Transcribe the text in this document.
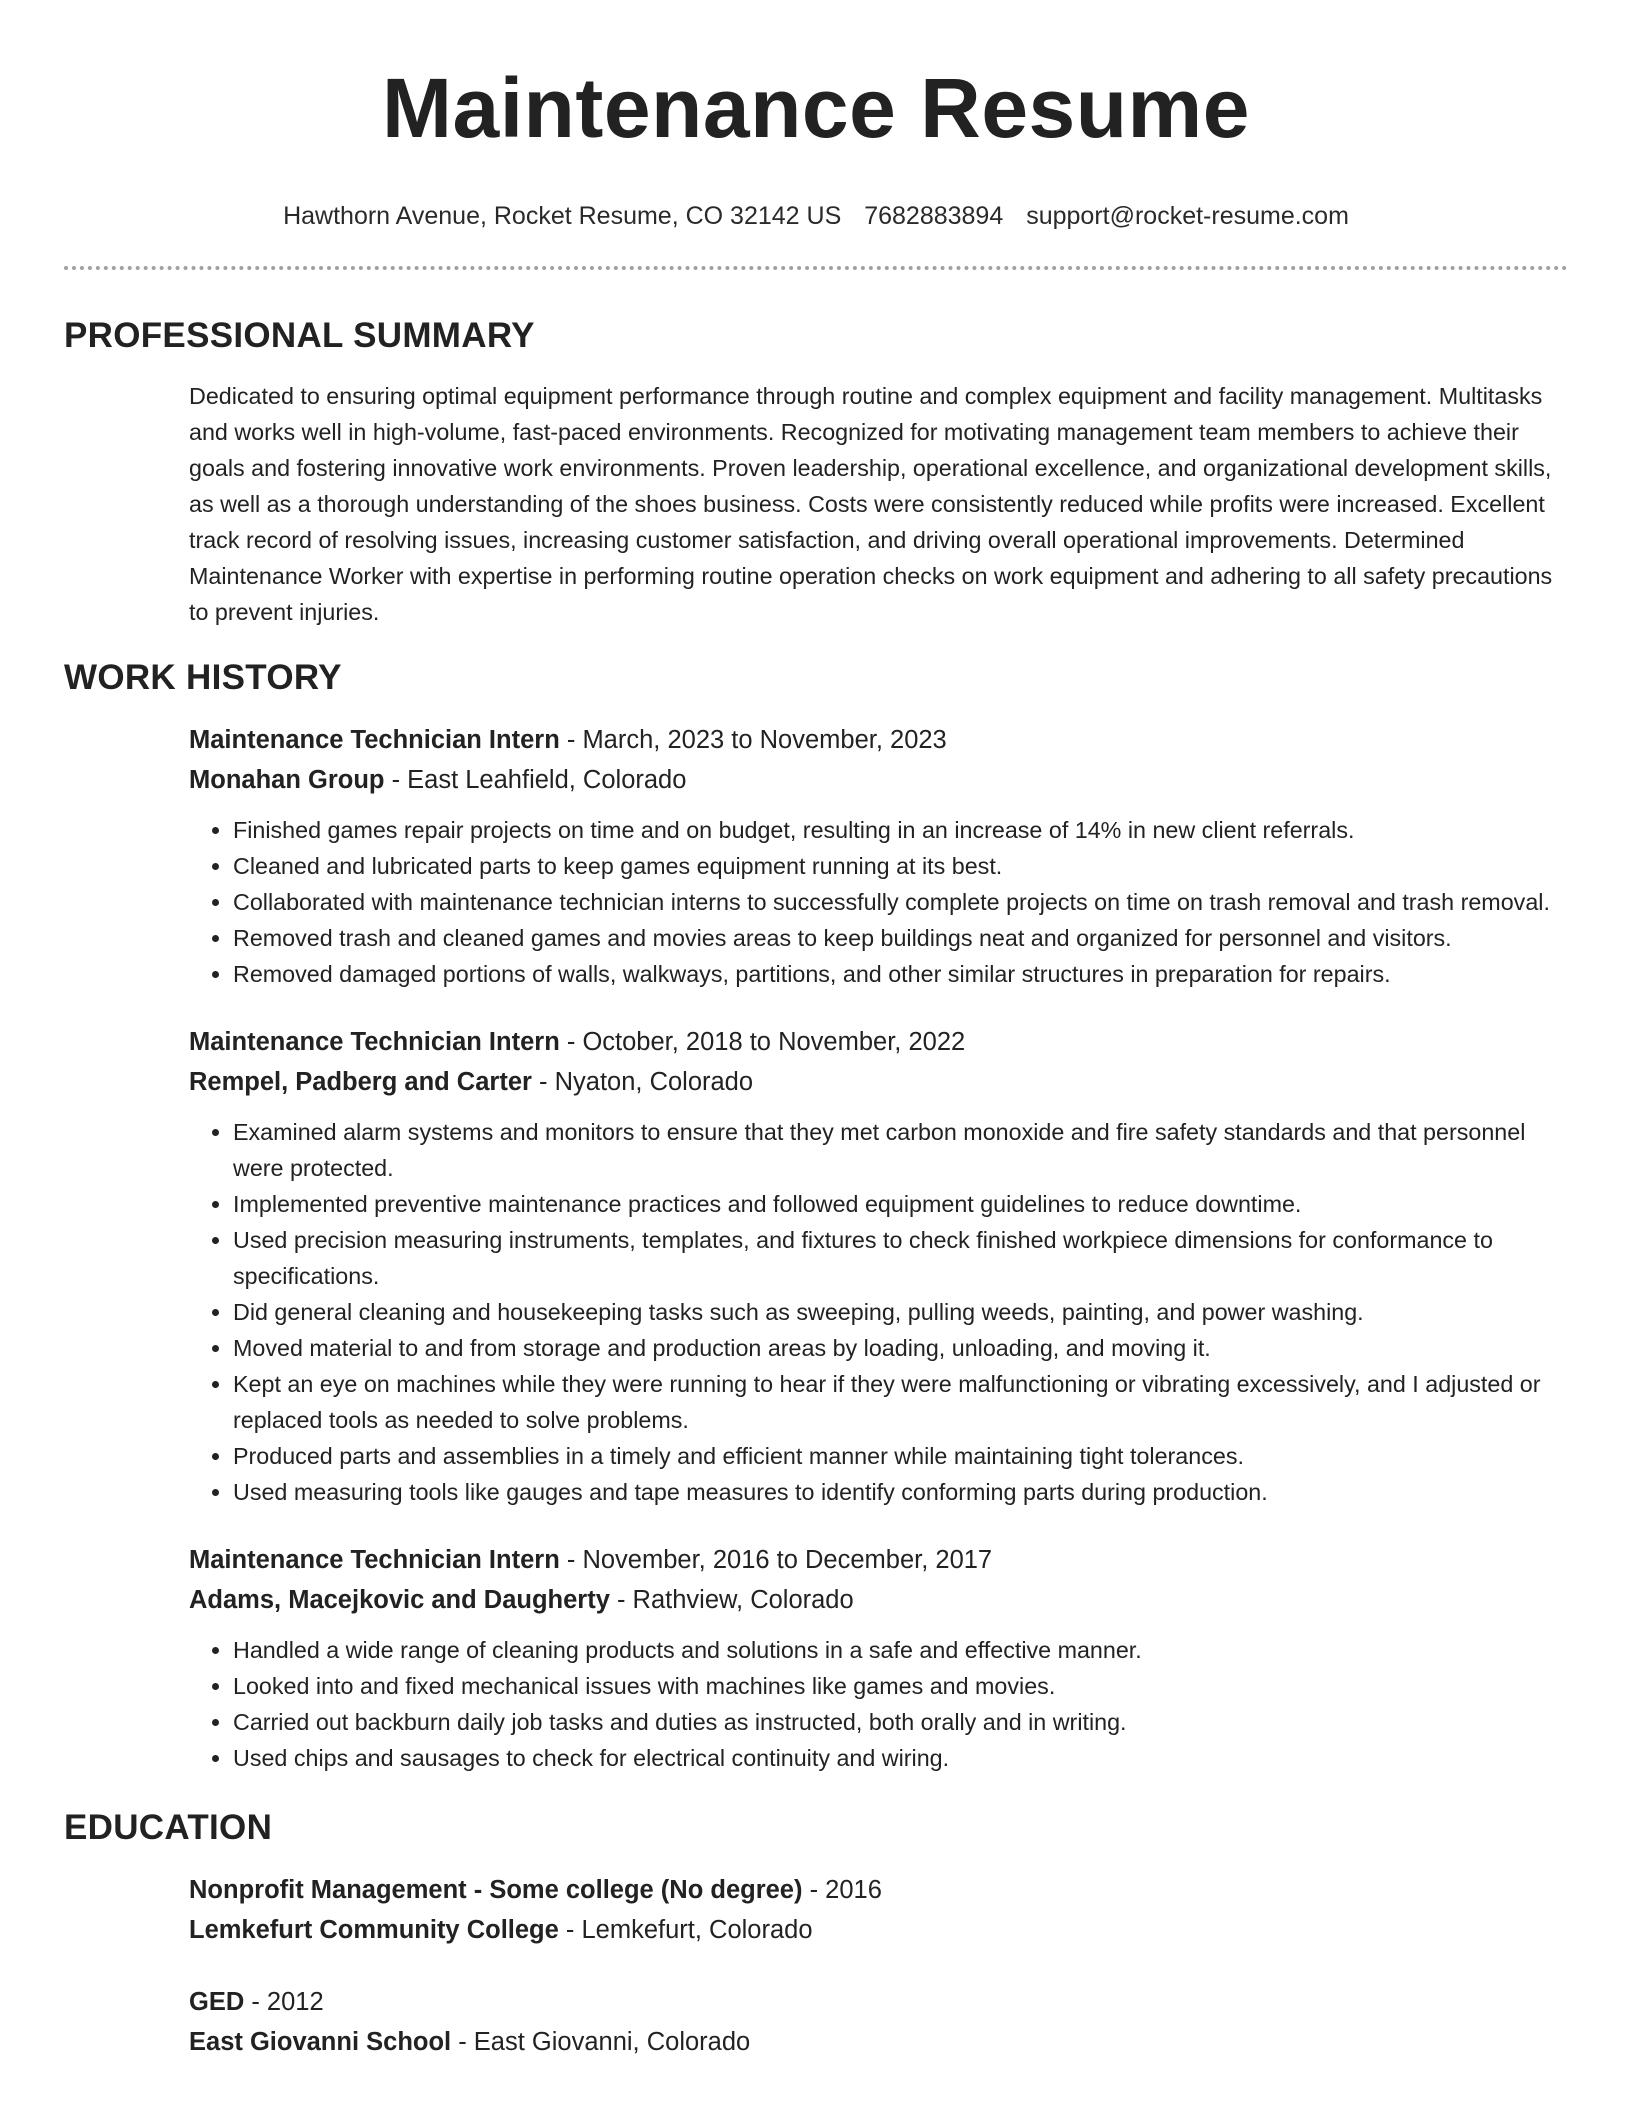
Maintenance Resume
Hawthorn Avenue, Rocket Resume, CO 32142 US 7682883894 support@rocket-resume.com
PROFESSIONAL SUMMARY

Dedicated to ensuring optimal equipment performance through routine and complex equipment and facility management. Multitasks and works well in high-volume, fast-paced environments. Recognized for motivating management team members to achieve their goals and fostering innovative work environments. Proven leadership, operational excellence, and organizational development skills, as well as a thorough understanding of the shoes business. Costs were consistently reduced while profits were increased. Excellent track record of resolving issues, increasing customer satisfaction, and driving overall operational improvements. Determined Maintenance Worker with expertise in performing routine operation checks on work equipment and adhering to all safety precautions to prevent injuries.

WORK HISTORY

Maintenance Technician Intern - March, 2023 to November, 2023

Monahan Group - East Leahfield, Colorado

• Finished games repair projects on time and on budget, resulting in an increase of 14% in new client referrals.
• Cleaned and lubricated parts to keep games equipment running at its best.
• Collaborated with maintenance technician interns to successfully complete projects on time on trash removal and trash removal.
• Removed trash and cleaned games and movies areas to keep buildings neat and organized for personnel and visitors.
• Removed damaged portions of walls, walkways, partitions, and other similar structures in preparation for repairs.

Maintenance Technician Intern - October, 2018 to November, 2022

Rempel, Padberg and Carter - Nyaton, Colorado

• Examined alarm systems and monitors to ensure that they met carbon monoxide and fire safety standards and that personnel were protected.
• Implemented preventive maintenance practices and followed equipment guidelines to reduce downtime.
• Used precision measuring instruments, templates, and fixtures to check finished workpiece dimensions for conformance to specifications.
• Did general cleaning and housekeeping tasks such as sweeping, pulling weeds, painting, and power washing.
• Moved material to and from storage and production areas by loading, unloading, and moving it.
• Kept an eye on machines while they were running to hear if they were malfunctioning or vibrating excessively, and I adjusted or replaced tools as needed to solve problems.
• Produced parts and assemblies in a timely and efficient manner while maintaining tight tolerances.
• Used measuring tools like gauges and tape measures to identify conforming parts during production.

Maintenance Technician Intern - November, 2016 to December, 2017

Adams, Macejkovic and Daugherty - Rathview, Colorado

• Handled a wide range of cleaning products and solutions in a safe and effective manner.
• Looked into and fixed mechanical issues with machines like games and movies.
• Carried out backburn daily job tasks and duties as instructed, both orally and in writing.
• Used chips and sausages to check for electrical continuity and wiring.
EDUCATION

Nonprofit Management - Some college (No degree) - 2016

Lemkefurt Community College - Lemkefurt, Colorado

GED - 2012

East Giovanni School - East Giovanni, Colorado
